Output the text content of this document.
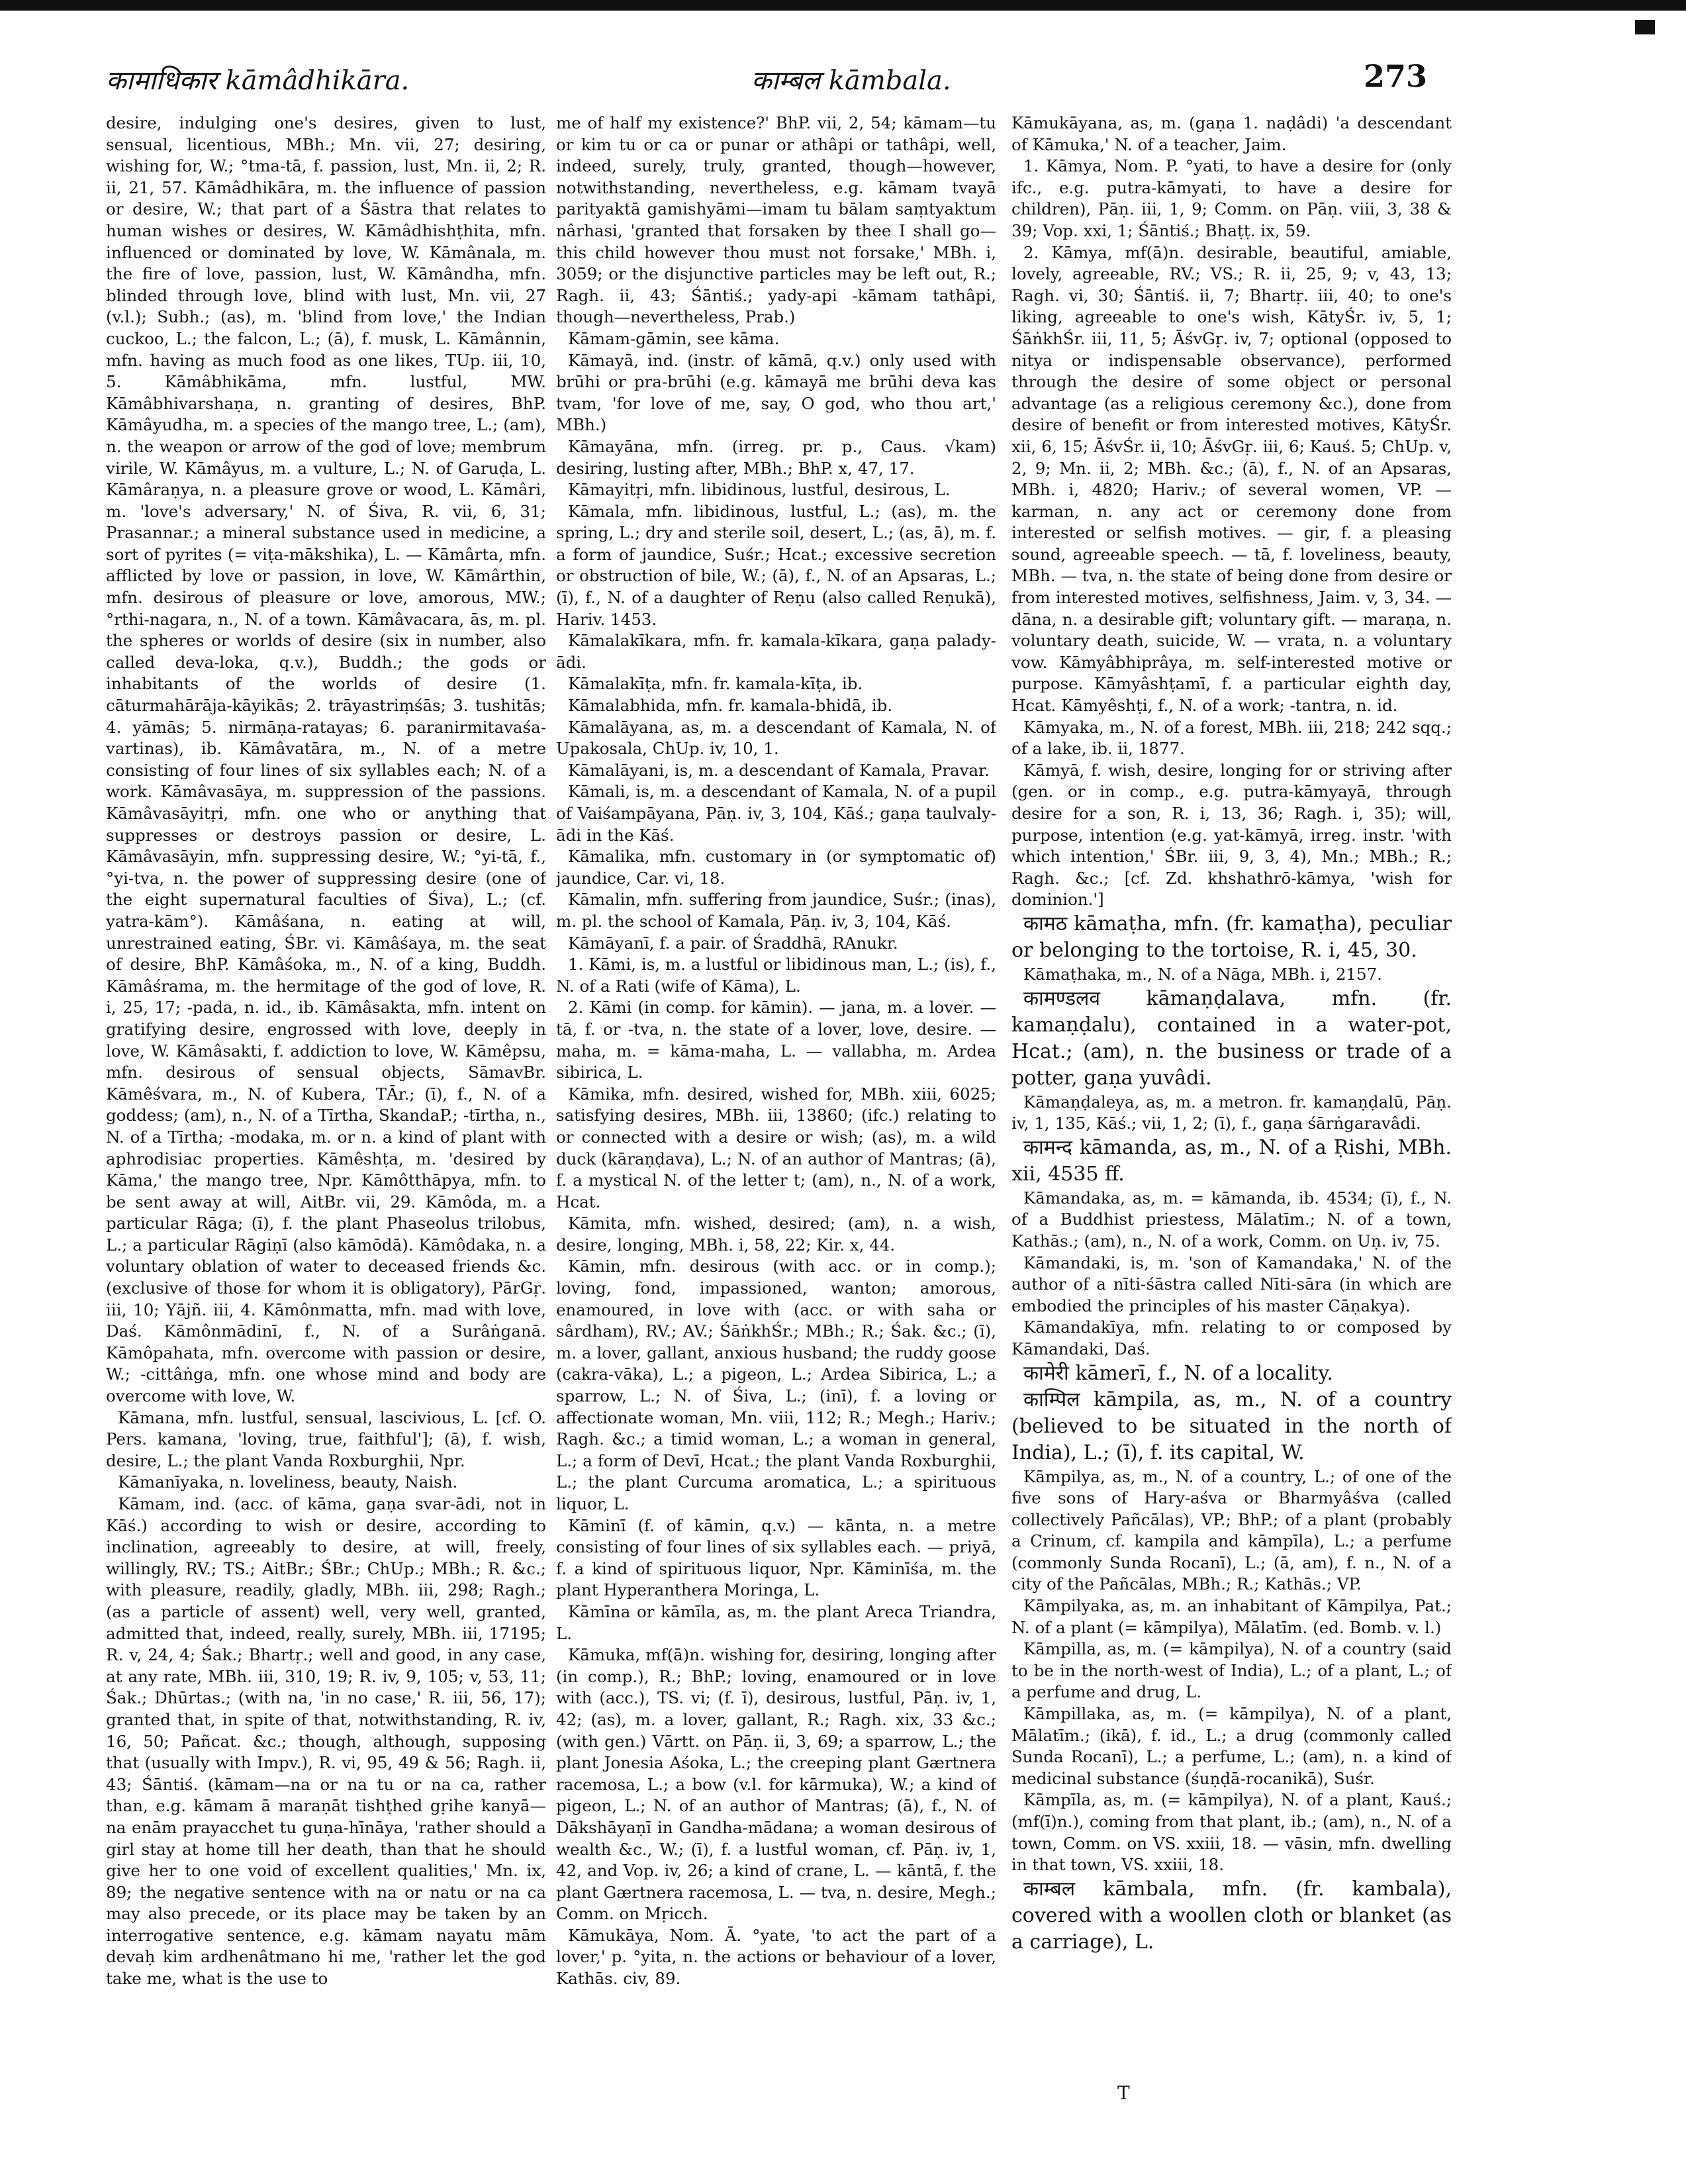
कामाधिकार kāmâdhikāra.	काम्बल kāmbala.	273

desire, indulging one's desires, given to lust, sensual, licentious, MBh.; Mn. vii, 27; desiring, wishing for, W.; °tma-tā, f. passion, lust, Mn. ii, 2; R. ii, 21, 57. Kāmâdhikāra, m. the influence of passion or desire, W.; that part of a Śāstra that relates to human wishes or desires, W. Kāmâdhishṭhita, mfn. influenced or dominated by love, W. Kāmânala, m. the fire of love, passion, lust, W. Kāmândha, mfn. blinded through love, blind with lust, Mn. vii, 27 (v.l.); Subh.; (as), m. 'blind from love,' the Indian cuckoo, L.; the falcon, L.; (ā), f. musk, L. Kāmânnin, mfn. having as much food as one likes, TUp. iii, 10, 5. Kāmâbhikāma, mfn. lustful, MW. Kāmâbhivarshaṇa, n. granting of desires, BhP. Kāmâyudha, m. a species of the mango tree, L.; (am), n. the weapon or arrow of the god of love; membrum virile, W. Kāmâyus, m. a vulture, L.; N. of Garuḍa, L. Kāmâraṇya, n. a pleasure grove or wood, L. Kāmâri, m. 'love's adversary,' N. of Śiva, R. vii, 6, 31; Prasannar.; a mineral substance used in medicine, a sort of pyrites (= viṭa-mākshika), L. — Kāmârta, mfn. afflicted by love or passion, in love, W. Kāmârthin, mfn. desirous of pleasure or love, amorous, MW.; °rthi-nagara, n., N. of a town. Kāmâvacara, ās, m. pl. the spheres or worlds of desire (six in number, also called deva-loka, q.v.), Buddh.; the gods or inhabitants of the worlds of desire (1. cāturmahārāja-kāyikās; 2. trāyastriṃśās; 3. tushitās; 4. yāmās; 5. nirmāṇa-ratayas; 6. paranirmitavaśa-vartinas), ib. Kāmâvatāra, m., N. of a metre consisting of four lines of six syllables each; N. of a work. Kāmâvasāya, m. suppression of the passions. Kāmâvasāyitṛi, mfn. one who or anything that suppresses or destroys passion or desire, L. Kāmâvasāyin, mfn. suppressing desire, W.; °yi-tā, f., °yi-tva, n. the power of suppressing desire (one of the eight supernatural faculties of Śiva), L.; (cf. yatra-kām°). Kāmâśana, n. eating at will, unrestrained eating, ŚBr. vi. Kāmâśaya, m. the seat of desire, BhP. Kāmâśoka, m., N. of a king, Buddh. Kāmâśrama, m. the hermitage of the god of love, R. i, 25, 17; -pada, n. id., ib. Kāmâsakta, mfn. intent on gratifying desire, engrossed with love, deeply in love, W. Kāmâsakti, f. addiction to love, W. Kāmêpsu, mfn. desirous of sensual objects, SāmavBr. Kāmêśvara, m., N. of Kubera, TĀr.; (ī), f., N. of a goddess; (am), n., N. of a Tīrtha, SkandaP.; -tīrtha, n., N. of a Tīrtha; -modaka, m. or n. a kind of plant with aphrodisiac properties. Kāmêshṭa, m. 'desired by Kāma,' the mango tree, Npr. Kāmôtthāpya, mfn. to be sent away at will, AitBr. vii, 29. Kāmôda, m. a particular Rāga; (ī), f. the plant Phaseolus trilobus, L.; a particular Rāgiṇī (also kāmōdā). Kāmôdaka, n. a voluntary oblation of water to deceased friends &c. (exclusive of those for whom it is obligatory), PārGṛ. iii, 10; Yājñ. iii, 4. Kāmônmatta, mfn. mad with love, Daś. Kāmônmādinī, f., N. of a Surâṅganā. Kāmôpahata, mfn. overcome with passion or desire, W.; -cittâṅga, mfn. one whose mind and body are overcome with love, W.

Kāmana, mfn. lustful, sensual, lascivious, L. [cf. O. Pers. kamana, 'loving, true, faithful']; (ā), f. wish, desire, L.; the plant Vanda Roxburghii, Npr.

Kāmanīyaka, n. loveliness, beauty, Naish.

Kāmam, ind. (acc. of kāma, gaṇa svar-ādi, not in Kāś.) according to wish or desire, according to inclination, agreeably to desire, at will, freely, willingly, RV.; TS.; AitBr.; ŚBr.; ChUp.; MBh.; R. &c.; with pleasure, readily, gladly, MBh. iii, 298; Ragh.; (as a particle of assent) well, very well, granted, admitted that, indeed, really, surely, MBh. iii, 17195; R. v, 24, 4; Śak.; Bhartṛ.; well and good, in any case, at any rate, MBh. iii, 310, 19; R. iv, 9, 105; v, 53, 11; Śak.; Dhūrtas.; (with na, 'in no case,' R. iii, 56, 17); granted that, in spite of that, notwithstanding, R. iv, 16, 50; Pañcat. &c.; though, although, supposing that (usually with Impv.), R. vi, 95, 49 & 56; Ragh. ii, 43; Śāntiś. (kāmam—na or na tu or na ca, rather than, e.g. kāmam ā maraṇāt tishṭhed gṛihe kanyā—na enām prayacchet tu guṇa-hīnāya, 'rather should a girl stay at home till her death, than that he should give her to one void of excellent qualities,' Mn. ix, 89; the negative sentence with na or natu or na ca may also precede, or its place may be taken by an interrogative sentence, e.g. kāmam nayatu mām devaḥ kim ardhenâtmano hi me, 'rather let the god take me, what is the use to

me of half my existence?' BhP. vii, 2, 54; kāmam—tu or kim tu or ca or punar or athâpi or tathâpi, well, indeed, surely, truly, granted, though—however, notwithstanding, nevertheless, e.g. kāmam tvayā parityaktā gamishyāmi—imam tu bālam saṃtyaktum nârhasi, 'granted that forsaken by thee I shall go—this child however thou must not forsake,' MBh. i, 3059; or the disjunctive particles may be left out, R.; Ragh. ii, 43; Śāntiś.; yady-api -kāmam tathâpi, though—nevertheless, Prab.)

Kāmam-gāmin, see kāma.

Kāmayā, ind. (instr. of kāmā, q.v.) only used with brūhi or pra-brūhi (e.g. kāmayā me brūhi deva kas tvam, 'for love of me, say, O god, who thou art,' MBh.)

Kāmayāna, mfn. (irreg. pr. p., Caus. √kam) desiring, lusting after, MBh.; BhP. x, 47, 17.

Kāmayitṛi, mfn. libidinous, lustful, desirous, L.

Kāmala, mfn. libidinous, lustful, L.; (as), m. the spring, L.; dry and sterile soil, desert, L.; (as, ā), m. f. a form of jaundice, Suśr.; Hcat.; excessive secretion or obstruction of bile, W.; (ā), f., N. of an Apsaras, L.; (ī), f., N. of a daughter of Reṇu (also called Reṇukā), Hariv. 1453.

Kāmalakīkara, mfn. fr. kamala-kīkara, gaṇa palady-ādi.

Kāmalakīṭa, mfn. fr. kamala-kīṭa, ib.

Kāmalabhida, mfn. fr. kamala-bhidā, ib.

Kāmalāyana, as, m. a descendant of Kamala, N. of Upakosala, ChUp. iv, 10, 1.

Kāmalāyani, is, m. a descendant of Kamala, Pravar.

Kāmali, is, m. a descendant of Kamala, N. of a pupil of Vaiśampāyana, Pāṇ. iv, 3, 104, Kāś.; gaṇa taulvaly-ādi in the Kāś.

Kāmalika, mfn. customary in (or symptomatic of) jaundice, Car. vi, 18.

Kāmalin, mfn. suffering from jaundice, Suśr.; (inas), m. pl. the school of Kamala, Pāṇ. iv, 3, 104, Kāś.

Kāmāyanī, f. a pair. of Śraddhā, RAnukr.

1. Kāmi, is, m. a lustful or libidinous man, L.; (is), f., N. of a Rati (wife of Kāma), L.

2. Kāmi (in comp. for kāmin). — jana, m. a lover. — tā, f. or -tva, n. the state of a lover, love, desire. — maha, m. = kāma-maha, L. — vallabha, m. Ardea sibirica, L.

Kāmika, mfn. desired, wished for, MBh. xiii, 6025; satisfying desires, MBh. iii, 13860; (ifc.) relating to or connected with a desire or wish; (as), m. a wild duck (kāraṇḍava), L.; N. of an author of Mantras; (ā), f. a mystical N. of the letter t; (am), n., N. of a work, Hcat.

Kāmita, mfn. wished, desired; (am), n. a wish, desire, longing, MBh. i, 58, 22; Kir. x, 44.

Kāmin, mfn. desirous (with acc. or in comp.); loving, fond, impassioned, wanton; amorous, enamoured, in love with (acc. or with saha or sârdham), RV.; AV.; ŚāṅkhŚr.; MBh.; R.; Śak. &c.; (ī), m. a lover, gallant, anxious husband; the ruddy goose (cakra-vāka), L.; a pigeon, L.; Ardea Sibirica, L.; a sparrow, L.; N. of Śiva, L.; (inī), f. a loving or affectionate woman, Mn. viii, 112; R.; Megh.; Hariv.; Ragh. &c.; a timid woman, L.; a woman in general, L.; a form of Devī, Hcat.; the plant Vanda Roxburghii, L.; the plant Curcuma aromatica, L.; a spirituous liquor, L.

Kāminī (f. of kāmin, q.v.) — kānta, n. a metre consisting of four lines of six syllables each. — priyā, f. a kind of spirituous liquor, Npr. Kāminīśa, m. the plant Hyperanthera Moringa, L.

Kāmīna or kāmīla, as, m. the plant Areca Triandra, L.

Kāmuka, mf(ā)n. wishing for, desiring, longing after (in comp.), R.; BhP.; loving, enamoured or in love with (acc.), TS. vi; (f. ī), desirous, lustful, Pāṇ. iv, 1, 42; (as), m. a lover, gallant, R.; Ragh. xix, 33 &c.; (with gen.) Vārtt. on Pāṇ. ii, 3, 69; a sparrow, L.; the plant Jonesia Aśoka, L.; the creeping plant Gærtnera racemosa, L.; a bow (v.l. for kārmuka), W.; a kind of pigeon, L.; N. of an author of Mantras; (ā), f., N. of Dākshāyaṇī in Gandha-mādana; a woman desirous of wealth &c., W.; (ī), f. a lustful woman, cf. Pāṇ. iv, 1, 42, and Vop. iv, 26; a kind of crane, L. — kāntā, f. the plant Gærtnera racemosa, L. — tva, n. desire, Megh.; Comm. on Mṛicch.

Kāmukāya, Nom. Ā. °yate, 'to act the part of a lover,' p. °yita, n. the actions or behaviour of a lover, Kathās. civ, 89.

Kāmukāyana, as, m. (gaṇa 1. naḍâdi) 'a descendant of Kāmuka,' N. of a teacher, Jaim.

1. Kāmya, Nom. P. °yati, to have a desire for (only ifc., e.g. putra-kāmyati, to have a desire for children), Pāṇ. iii, 1, 9; Comm. on Pāṇ. viii, 3, 38 & 39; Vop. xxi, 1; Śāntiś.; Bhaṭṭ. ix, 59.

2. Kāmya, mf(ā)n. desirable, beautiful, amiable, lovely, agreeable, RV.; VS.; R. ii, 25, 9; v, 43, 13; Ragh. vi, 30; Śāntiś. ii, 7; Bhartṛ. iii, 40; to one's liking, agreeable to one's wish, KātyŚr. iv, 5, 1; ŚāṅkhŚr. iii, 11, 5; ĀśvGṛ. iv, 7; optional (opposed to nitya or indispensable observance), performed through the desire of some object or personal advantage (as a religious ceremony &c.), done from desire of benefit or from interested motives, KātyŚr. xii, 6, 15; ĀśvŚr. ii, 10; ĀśvGṛ. iii, 6; Kauś. 5; ChUp. v, 2, 9; Mn. ii, 2; MBh. &c.; (ā), f., N. of an Apsaras, MBh. i, 4820; Hariv.; of several women, VP. — karman, n. any act or ceremony done from interested or selfish motives. — gir, f. a pleasing sound, agreeable speech. — tā, f. loveliness, beauty, MBh. — tva, n. the state of being done from desire or from interested motives, selfishness, Jaim. v, 3, 34. — dāna, n. a desirable gift; voluntary gift. — maraṇa, n. voluntary death, suicide, W. — vrata, n. a voluntary vow. Kāmyâbhiprâya, m. self-interested motive or purpose. Kāmyâshṭamī, f. a particular eighth day, Hcat. Kāmyêshṭi, f., N. of a work; -tantra, n. id.

Kāmyaka, m., N. of a forest, MBh. iii, 218; 242 sqq.; of a lake, ib. ii, 1877.

Kāmyā, f. wish, desire, longing for or striving after (gen. or in comp., e.g. putra-kāmyayā, through desire for a son, R. i, 13, 36; Ragh. i, 35); will, purpose, intention (e.g. yat-kāmyā, irreg. instr. 'with which intention,' ŚBr. iii, 9, 3, 4), Mn.; MBh.; R.; Ragh. &c.; [cf. Zd. khshathrō-kāmya, 'wish for dominion.']

कामठ kāmaṭha, mfn. (fr. kamaṭha), peculiar or belonging to the tortoise, R. i, 45, 30.

Kāmaṭhaka, m., N. of a Nāga, MBh. i, 2157.

कामण्डलव kāmaṇḍalava, mfn. (fr. kamaṇḍalu), contained in a water-pot, Hcat.; (am), n. the business or trade of a potter, gaṇa yuvâdi.

Kāmaṇḍaleya, as, m. a metron. fr. kamaṇḍalū, Pāṇ. iv, 1, 135, Kāś.; vii, 1, 2; (ī), f., gaṇa śārṅgaravâdi.

कामन्द kāmanda, as, m., N. of a Ṛishi, MBh. xii, 4535 ff.

Kāmandaka, as, m. = kāmanda, ib. 4534; (ī), f., N. of a Buddhist priestess, Mālatīm.; N. of a town, Kathās.; (am), n., N. of a work, Comm. on Uṇ. iv, 75.

Kāmandaki, is, m. 'son of Kamandaka,' N. of the author of a nīti-śāstra called Nīti-sāra (in which are embodied the principles of his master Cāṇakya).

Kāmandakīya, mfn. relating to or composed by Kāmandaki, Daś.

कामेरी kāmerī, f., N. of a locality.

काम्पिल kāmpila, as, m., N. of a country (believed to be situated in the north of India), L.; (ī), f. its capital, W.

Kāmpilya, as, m., N. of a country, L.; of one of the five sons of Hary-aśva or Bharmyâśva (called collectively Pañcālas), VP.; BhP.; of a plant (probably a Crinum, cf. kampila and kāmpīla), L.; a perfume (commonly Sunda Rocanī), L.; (ā, am), f. n., N. of a city of the Pañcālas, MBh.; R.; Kathās.; VP.

Kāmpilyaka, as, m. an inhabitant of Kāmpilya, Pat.; N. of a plant (= kāmpilya), Mālatīm. (ed. Bomb. v. l.)

Kāmpilla, as, m. (= kāmpilya), N. of a country (said to be in the north-west of India), L.; of a plant, L.; of a perfume and drug, L.

Kāmpillaka, as, m. (= kāmpilya), N. of a plant, Mālatīm.; (ikā), f. id., L.; a drug (commonly called Sunda Rocanī), L.; a perfume, L.; (am), n. a kind of medicinal substance (śuṇḍā-rocanikā), Suśr.

Kāmpīla, as, m. (= kāmpilya), N. of a plant, Kauś.; (mf(ī)n.), coming from that plant, ib.; (am), n., N. of a town, Comm. on VS. xxiii, 18. — vāsin, mfn. dwelling in that town, VS. xxiii, 18.

काम्बल kāmbala, mfn. (fr. kambala), covered with a woollen cloth or blanket (as a carriage), L.

T
